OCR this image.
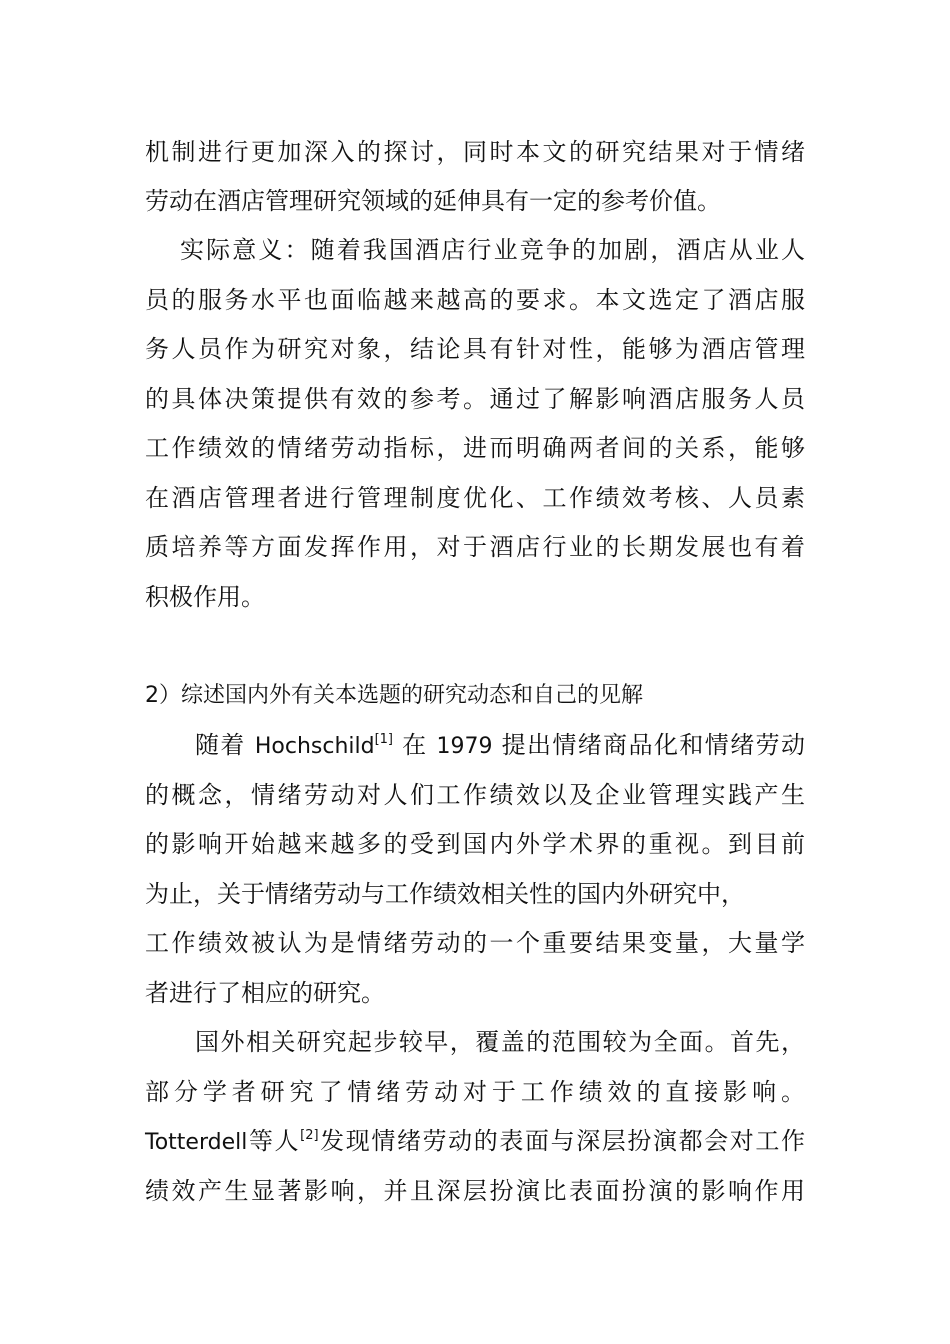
机制进行更加深入的探讨，同时本文的研究结果对于情绪
劳动在酒店管理研究领域的延伸具有一定的参考价值。
实际意义：随着我国酒店行业竞争的加剧，酒店从业人
员的服务水平也面临越来越高的要求。本文选定了酒店服
务人员作为研究对象，结论具有针对性，能够为酒店管理
的具体决策提供有效的参考。通过了解影响酒店服务人员
工作绩效的情绪劳动指标，进而明确两者间的关系，能够
在酒店管理者进行管理制度优化、工作绩效考核、人员素
质培养等方面发挥作用，对于酒店行业的长期发展也有着
积极作用。
2）综述国内外有关本选题的研究动态和自己的见解
随着 Hochschild[1] 在 1979 提出情绪商品化和情绪劳动
的概念，情绪劳动对人们工作绩效以及企业管理实践产生
的影响开始越来越多的受到国内外学术界的重视。到目前
为止，关于情绪劳动与工作绩效相关性的国内外研究中，
工作绩效被认为是情绪劳动的一个重要结果变量，大量学
者进行了相应的研究。
国外相关研究起步较早，覆盖的范围较为全面。首先，
部分学者研究了情绪劳动对于工作绩效的直接影响。
Totterdell等人[2]发现情绪劳动的表面与深层扮演都会对工作
绩效产生显著影响，并且深层扮演比表面扮演的影响作用
